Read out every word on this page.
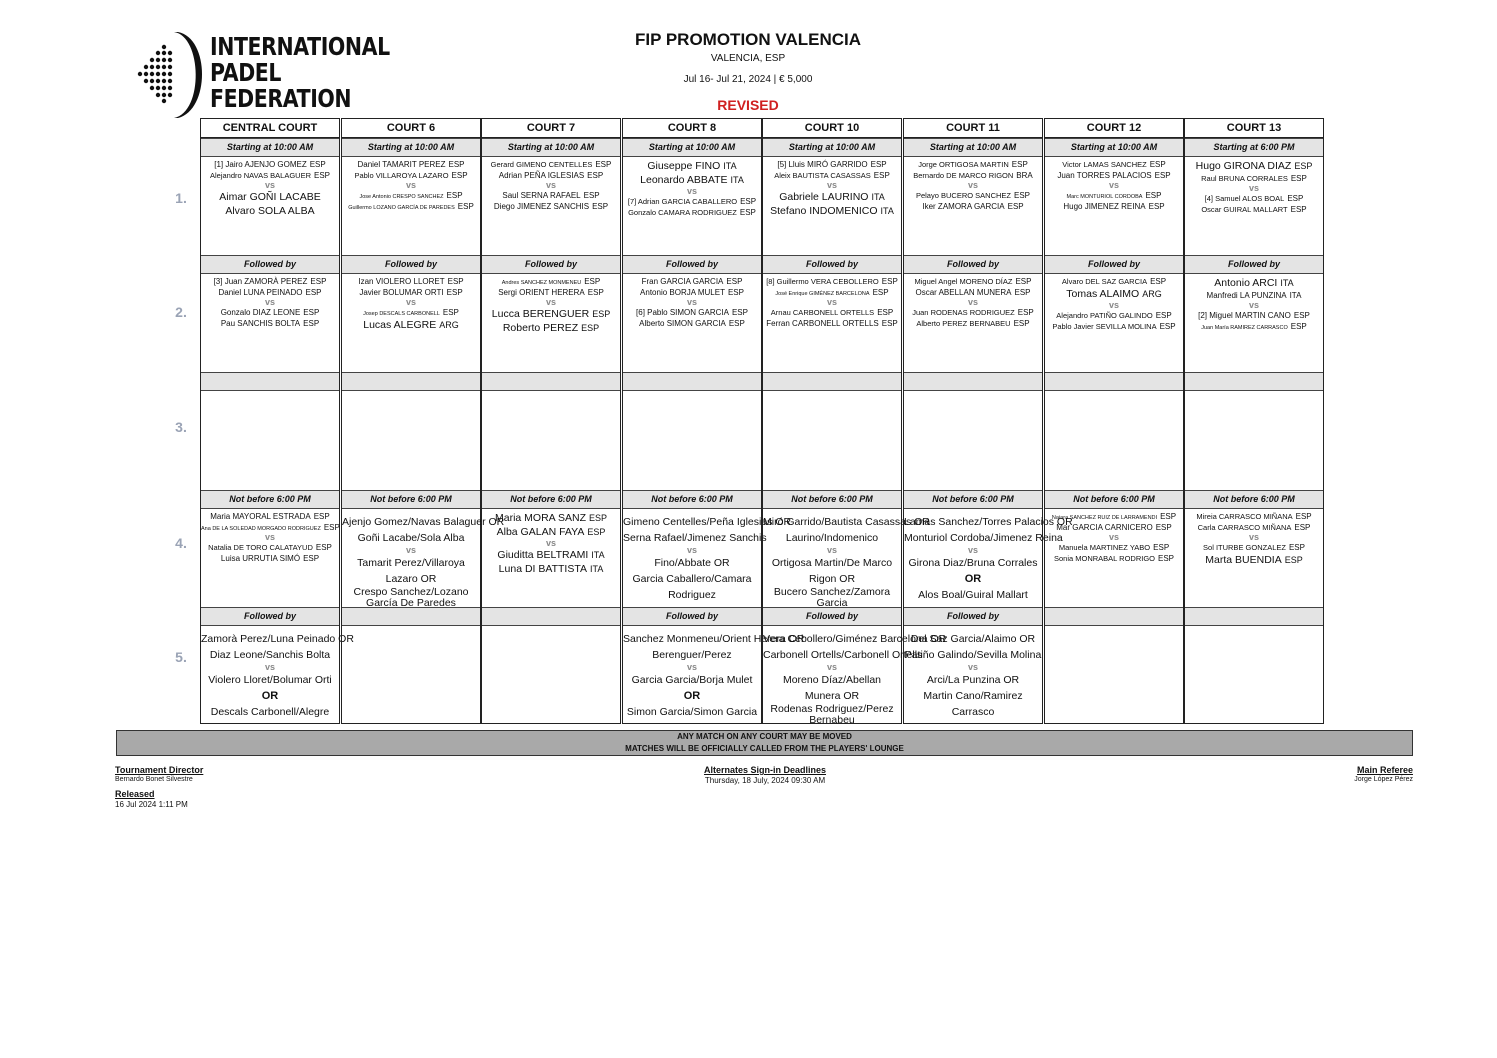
INTERNATIONAL
PADEL
FEDERATION
FIP PROMOTION VALENCIA
VALENCIA, ESP
Jul 16- Jul 21, 2024 | € 5,000
REVISED
1.
2.
3.
4.
5.
CENTRAL COURT
Starting at 10:00 AM
Followed by
Not before 6:00 PM
Followed by
[1] Jairo AJENJO GOMEZ ESP
Alejandro NAVAS BALAGUER ESP
vs
Aimar GOÑI LACABE
Alvaro SOLA ALBA
[3] Juan ZAMORÀ PEREZ ESP
Daniel LUNA PEINADO ESP
vs
Gonzalo DIAZ LEONE ESP
Pau SANCHIS BOLTA ESP
Maria MAYORAL ESTRADA ESP
Ana DE LA SOLEDAD MORGADO RODRIGUEZ ESP
vs
Natalia DE TORO CALATAYUD ESP
Luisa URRUTIA SIMÓ ESP
Zamorà Perez/Luna Peinado OR
Diaz Leone/Sanchis Bolta
vs
Violero Lloret/Bolumar Orti
OR
Descals Carbonell/Alegre
COURT 6
Starting at 10:00 AM
Followed by
Not before 6:00 PM
Daniel TAMARIT PEREZ ESP
Pablo VILLAROYA LAZARO ESP
vs
Jose Antonio CRESPO SANCHEZ ESP
Guillermo LOZANO GARCÍA DE PAREDES ESP
Izan VIOLERO LLORET ESP
Javier BOLUMAR ORTI ESP
vs
Josep DESCALS CARBONELL ESP
Lucas ALEGRE ARG
Ajenjo Gomez/Navas Balaguer OR
Goñi Lacabe/Sola Alba
vs
Tamarit Perez/Villaroya
Lazaro OR
Crespo Sanchez/Lozano
García De Paredes
COURT 7
Starting at 10:00 AM
Followed by
Not before 6:00 PM
Gerard GIMENO CENTELLES ESP
Adrian PEÑA IGLESIAS ESP
vs
Saul SERNA RAFAEL ESP
Diego JIMENEZ SANCHIS ESP
Andres SANCHEZ MONMENEU ESP
Sergi ORIENT HERERA ESP
vs
Lucca BERENGUER ESP
Roberto PEREZ ESP
Maria MORA SANZ ESP
Alba GALAN FAYA ESP
vs
Giuditta BELTRAMI ITA
Luna DI BATTISTA ITA
COURT 8
Starting at 10:00 AM
Followed by
Not before 6:00 PM
Followed by
Giuseppe FINO ITA
Leonardo ABBATE ITA
vs
[7] Adrian GARCIA CABALLERO ESP
Gonzalo CAMARA RODRIGUEZ ESP
Fran GARCIA GARCIA ESP
Antonio BORJA MULET ESP
vs
[6] Pablo SIMON GARCIA ESP
Alberto SIMON GARCIA ESP
Gimeno Centelles/Peña Iglesias OR
Serna Rafael/Jimenez Sanchis
vs
Fino/Abbate OR
Garcia Caballero/Camara
Rodriguez
Sanchez Monmeneu/Orient Herera OR
Berenguer/Perez
vs
Garcia Garcia/Borja Mulet
OR
Simon Garcia/Simon Garcia
COURT 10
Starting at 10:00 AM
Followed by
Not before 6:00 PM
Followed by
[5] Lluis MIRÓ GARRIDO ESP
Aleix BAUTISTA CASASSAS ESP
vs
Gabriele LAURINO ITA
Stefano INDOMENICO ITA
[8] Guillermo VERA CEBOLLERO ESP
José Enrique GIMÉNEZ BARCELONA ESP
vs
Arnau CARBONELL ORTELLS ESP
Ferran CARBONELL ORTELLS ESP
Miró Garrido/Bautista Casassas OR
Laurino/Indomenico
vs
Ortigosa Martin/De Marco
Rigon OR
Bucero Sanchez/Zamora
Garcia
Vera Cebollero/Giménez Barcelona OR
Carbonell Ortells/Carbonell Ortells
vs
Moreno Díaz/Abellan
Munera OR
Rodenas Rodriguez/Perez
Bernabeu
COURT 11
Starting at 10:00 AM
Followed by
Not before 6:00 PM
Followed by
Jorge ORTIGOSA MARTIN ESP
Bernardo DE MARCO RIGON BRA
vs
Pelayo BUCERO SANCHEZ ESP
Iker ZAMORA GARCIA ESP
Miguel Angel MORENO DÍAZ ESP
Oscar ABELLAN MUNERA ESP
vs
Juan RODENAS RODRIGUEZ ESP
Alberto PEREZ BERNABEU ESP
Lamas Sanchez/Torres Palacios OR
Monturiol Cordoba/Jimenez Reina
vs
Girona Diaz/Bruna Corrales
OR
Alos Boal/Guiral Mallart
Del Saz Garcia/Alaimo OR
Patiño Galindo/Sevilla Molina
vs
Arci/La Punzina OR
Martin Cano/Ramirez
Carrasco
COURT 12
Starting at 10:00 AM
Followed by
Not before 6:00 PM
Victor LAMAS SANCHEZ ESP
Juan TORRES PALACIOS ESP
vs
Marc MONTURIOL CORDOBA ESP
Hugo JIMENEZ REINA ESP
Alvaro DEL SAZ GARCIA ESP
Tomas ALAIMO ARG
vs
Alejandro PATIÑO GALINDO ESP
Pablo Javier SEVILLA MOLINA ESP
Naiara SANCHEZ RUIZ DE LARRAMENDI ESP
Mar GARCIA CARNICERO ESP
vs
Manuela MARTINEZ YABO ESP
Sonia MONRABAL RODRIGO ESP
COURT 13
Starting at 6:00 PM
Followed by
Not before 6:00 PM
Hugo GIRONA DIAZ ESP
Raul BRUNA CORRALES ESP
vs
[4] Samuel ALOS BOAL ESP
Oscar GUIRAL MALLART ESP
Antonio ARCI ITA
Manfredi LA PUNZINA ITA
vs
[2] Miguel MARTIN CANO ESP
Juan María RAMIREZ CARRASCO ESP
Mireia CARRASCO MIÑANA ESP
Carla CARRASCO MIÑANA ESP
vs
Sol ITURBE GONZALEZ ESP
Marta BUENDIA ESP
ANY MATCH ON ANY COURT MAY BE MOVED
MATCHES WILL BE OFFICIALLY CALLED FROM THE PLAYERS' LOUNGE
Tournament Director
Bernardo Bonet Silvestre
Released
16 Jul 2024 1:11 PM
Alternates Sign-in Deadlines
Thursday, 18 July, 2024 09:30 AM
Main Referee
Jorge López Pérez
